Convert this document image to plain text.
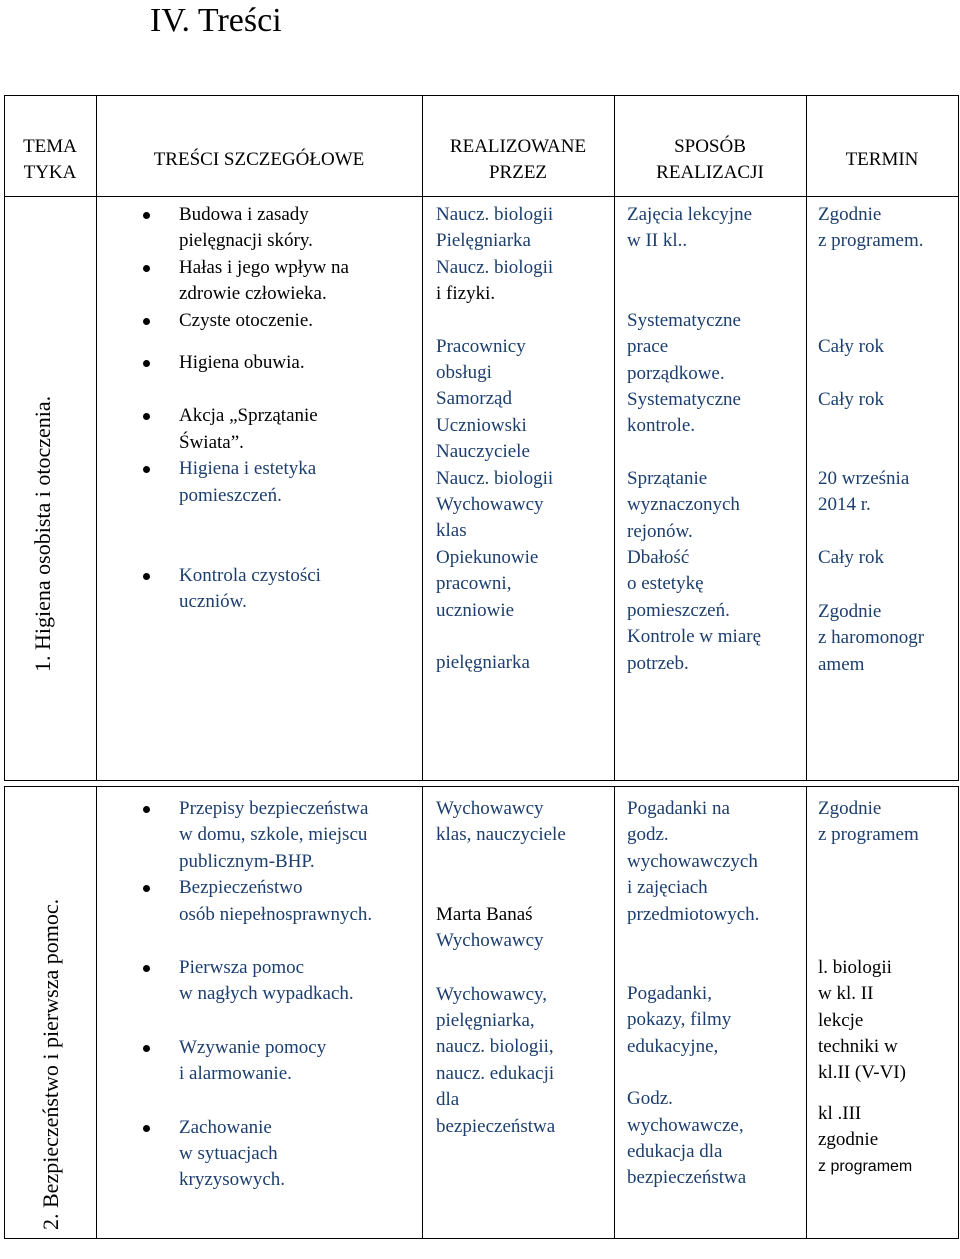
IV. Treści
TEMA
TYKA
TREŚCI SZCZEGÓŁOWE
REALIZOWANE
PRZEZ
SPOSÓB
REALIZACJI
TERMIN
1. Higiena osobista i otoczenia.
Budowa i zasady
pielęgnacji skóry.
Hałas i jego wpływ na
zdrowie człowieka.
Czyste otoczenie.
Higiena obuwia.
Akcja „Sprzątanie
Świata”.
Higiena i estetyka
pomieszczeń.
Kontrola czystości
uczniów.
Naucz. biologii
Pielęgniarka
Naucz. biologii
i fizyki.
Pracownicy
obsługi
Samorząd
Uczniowski
Nauczyciele
Naucz. biologii
Wychowawcy
klas
Opiekunowie
pracowni,
uczniowie
pielęgniarka
Zajęcia lekcyjne
w II kl..
Systematyczne
prace
porządkowe.
Systematyczne
kontrole.
Sprzątanie
wyznaczonych
rejonów.
Dbałość
o estetykę
pomieszczeń.
Kontrole w miarę
potrzeb.
Zgodnie
z programem.
Cały rok
Cały rok
20 września
2014 r.
Cały rok
Zgodnie
z haromonogr
amem
2. Bezpieczeństwo i pierwsza pomoc.
Przepisy bezpieczeństwa
w domu, szkole, miejscu
publicznym-BHP.
Bezpieczeństwo
osób niepełnosprawnych.
Pierwsza pomoc
w nagłych wypadkach.
Wzywanie pomocy
i alarmowanie.
Zachowanie
w sytuacjach
kryzysowych.
Wychowawcy
klas, nauczyciele
Marta Banaś
Wychowawcy
Wychowawcy,
pielęgniarka,
naucz. biologii,
naucz. edukacji
dla
bezpieczeństwa
Pogadanki na
godz.
wychowawczych
i zajęciach
przedmiotowych.
Pogadanki,
pokazy, filmy
edukacyjne,
Godz.
wychowawcze,
edukacja dla
bezpieczeństwa
Zgodnie
z programem
l. biologii
w kl. II
lekcje
techniki w
kl.II (V-VI)
kl .III
zgodnie
z programem
